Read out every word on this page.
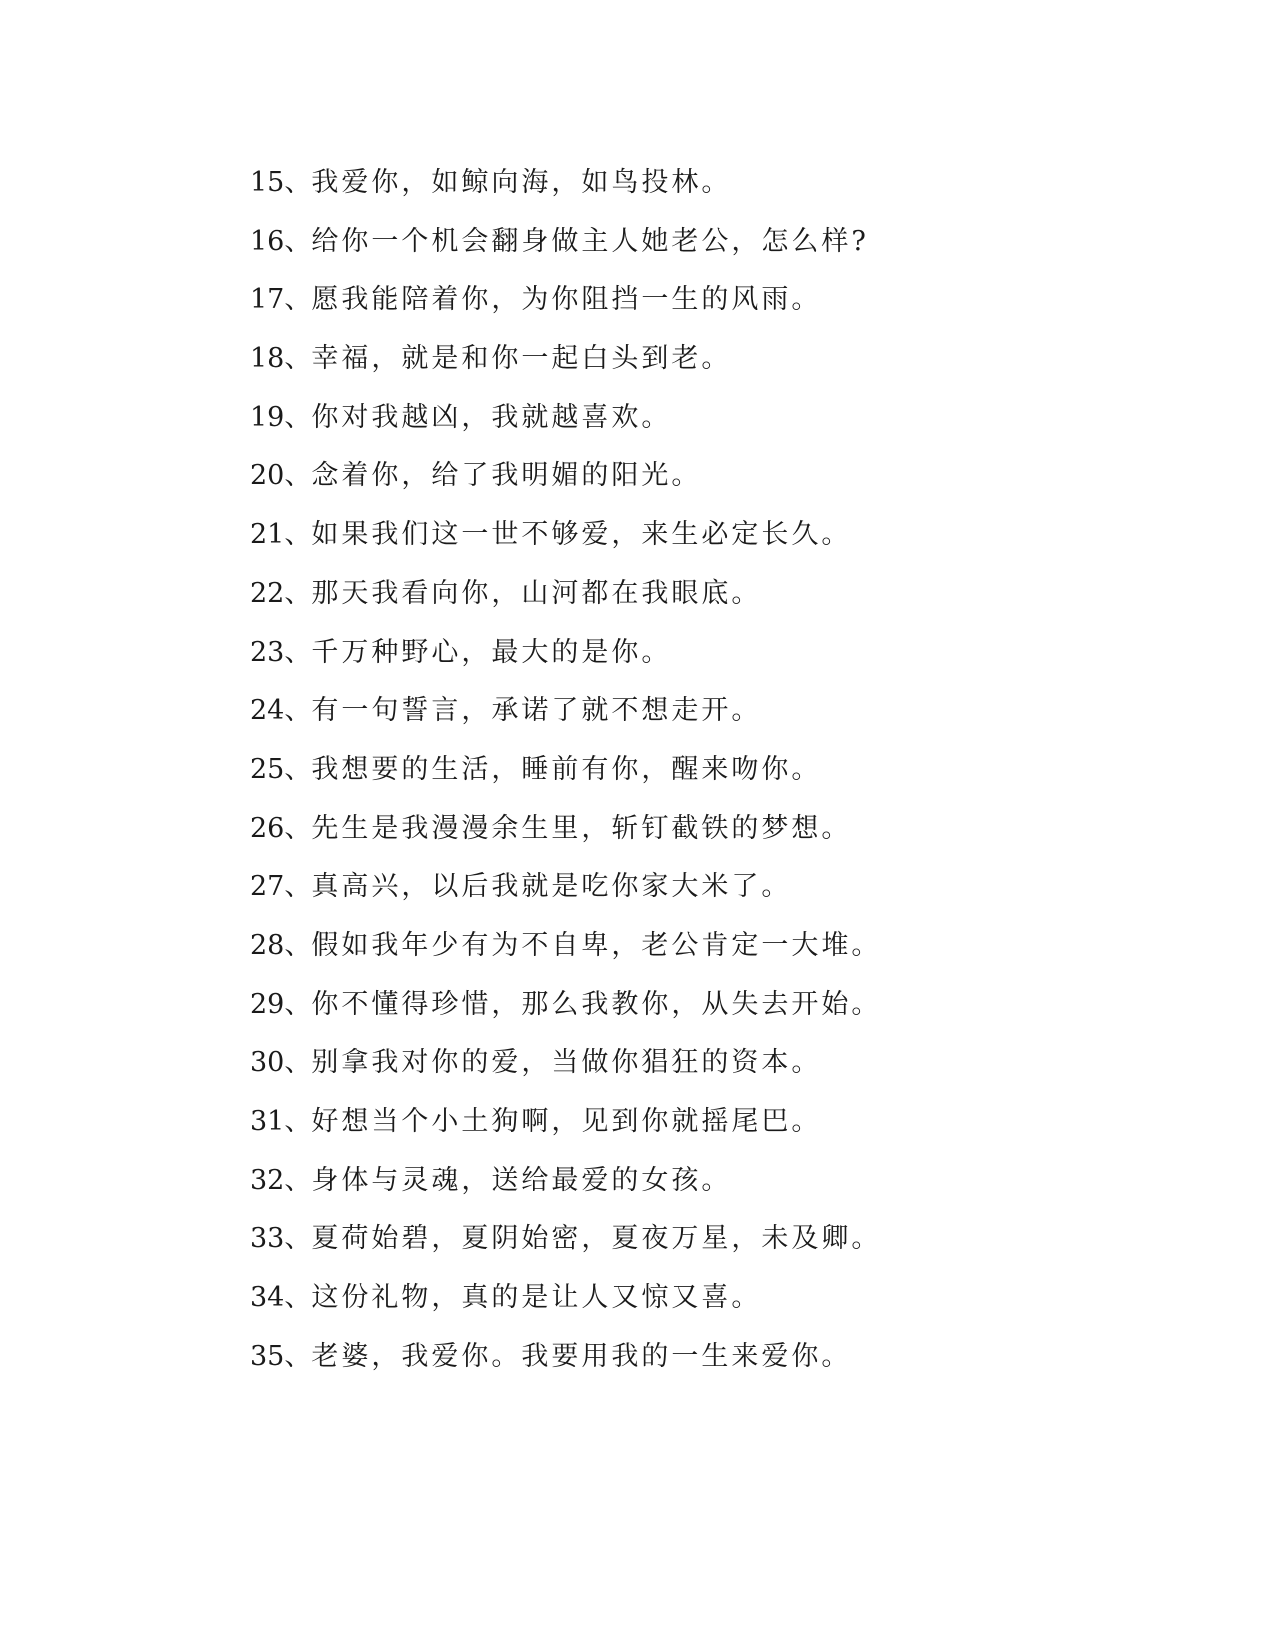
15、我爱你，如鲸向海，如鸟投林。
16、给你一个机会翻身做主人她老公，怎么样?
17、愿我能陪着你，为你阻挡一生的风雨。
18、幸福，就是和你一起白头到老。
19、你对我越凶，我就越喜欢。
20、念着你，给了我明媚的阳光。
21、如果我们这一世不够爱，来生必定长久。
22、那天我看向你，山河都在我眼底。
23、千万种野心，最大的是你。
24、有一句誓言，承诺了就不想走开。
25、我想要的生活，睡前有你，醒来吻你。
26、先生是我漫漫余生里，斩钉截铁的梦想。
27、真高兴，以后我就是吃你家大米了。
28、假如我年少有为不自卑，老公肯定一大堆。
29、你不懂得珍惜，那么我教你，从失去开始。
30、别拿我对你的爱，当做你猖狂的资本。
31、好想当个小土狗啊，见到你就摇尾巴。
32、身体与灵魂，送给最爱的女孩。
33、夏荷始碧，夏阴始密，夏夜万星，未及卿。
34、这份礼物，真的是让人又惊又喜。
35、老婆，我爱你。我要用我的一生来爱你。
